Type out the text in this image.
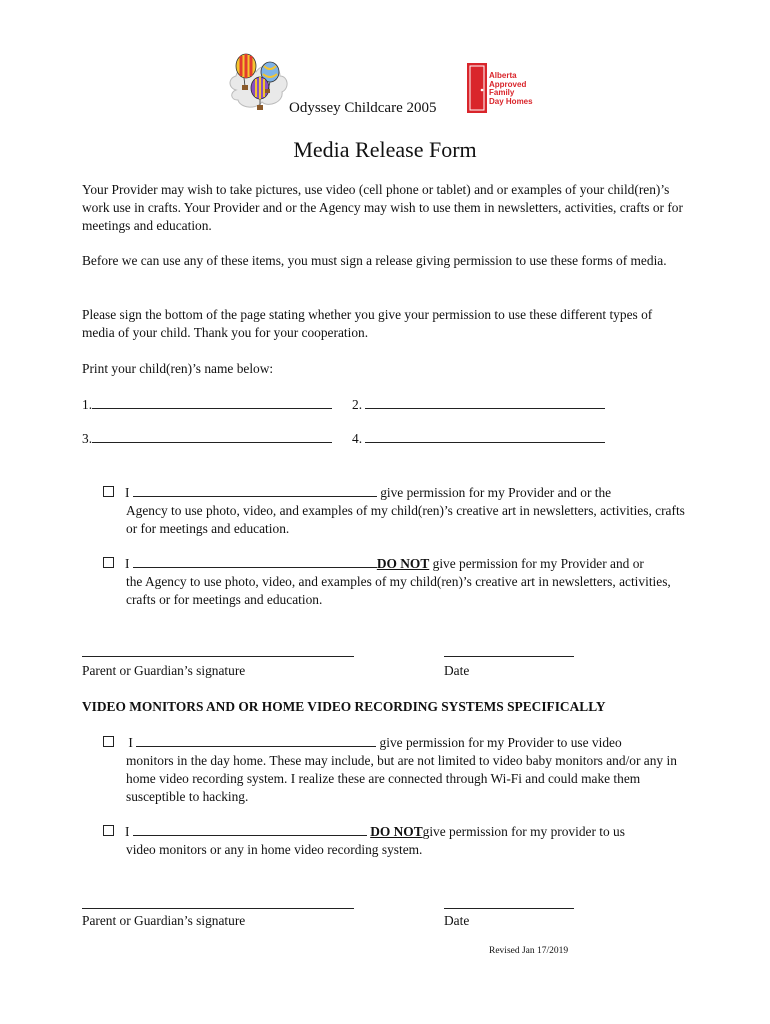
Odyssey Childcare 2005
Alberta
Approved
Family
Day Homes
Media Release Form
Your Provider may wish to take pictures, use video (cell phone or tablet) and or examples of your child(ren)’s work use in crafts. Your Provider and or the Agency may wish to use them in newsletters, activities, crafts or for meetings and education.
Before we can use any of these items, you must sign a release giving permission to use these forms of media.
Please sign the bottom of the page stating whether you give your permission to use these different types of media of your child. Thank you for your cooperation.
Print your child(ren)’s name below:
1.	2.
3.	4.
I	give permission for my Provider and or the
Agency to use photo, video, and examples of my child(ren)’s creative art in newsletters, activities, crafts or for meetings and education.
I	DO NOT give permission for my Provider and or
the Agency to use photo, video, and examples of my child(ren)’s creative art in newsletters, activities, crafts or for meetings and education.
Parent or Guardian’s signature	Date
VIDEO MONITORS AND OR HOME VIDEO RECORDING SYSTEMS SPECIFICALLY
I	give permission for my Provider to use video
monitors in the day home. These may include, but are not limited to video baby monitors and/or any in home video recording system. I realize these are connected through Wi-Fi and could make them susceptible to hacking.
I	DO NOTgive permission for my provider to us
video monitors or any in home video recording system.
Parent or Guardian’s signature	Date
Revised Jan 17/2019
